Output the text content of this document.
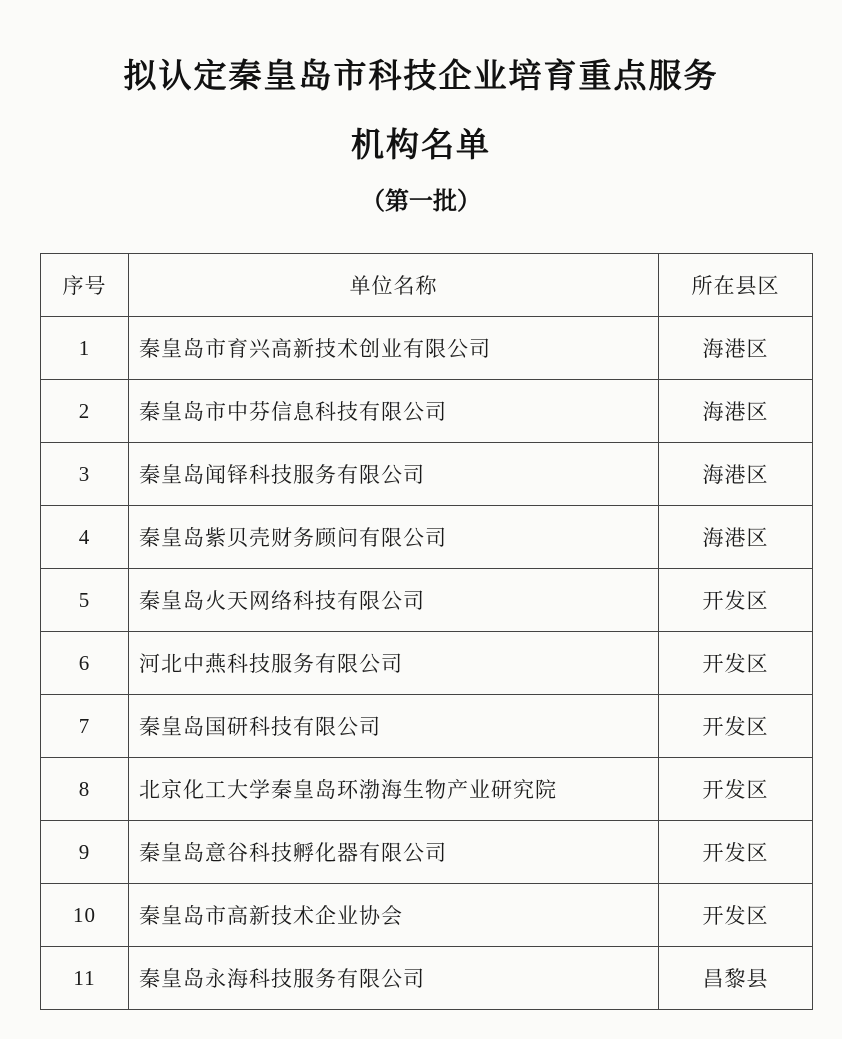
拟认定秦皇岛市科技企业培育重点服务
机构名单
（第一批）
序号	单位名称	所在县区
1	秦皇岛市育兴高新技术创业有限公司	海港区
2	秦皇岛市中芬信息科技有限公司	海港区
3	秦皇岛闻铎科技服务有限公司	海港区
4	秦皇岛紫贝壳财务顾问有限公司	海港区
5	秦皇岛火天网络科技有限公司	开发区
6	河北中燕科技服务有限公司	开发区
7	秦皇岛国研科技有限公司	开发区
8	北京化工大学秦皇岛环渤海生物产业研究院	开发区
9	秦皇岛意谷科技孵化器有限公司	开发区
10	秦皇岛市高新技术企业协会	开发区
11	秦皇岛永海科技服务有限公司	昌黎县
